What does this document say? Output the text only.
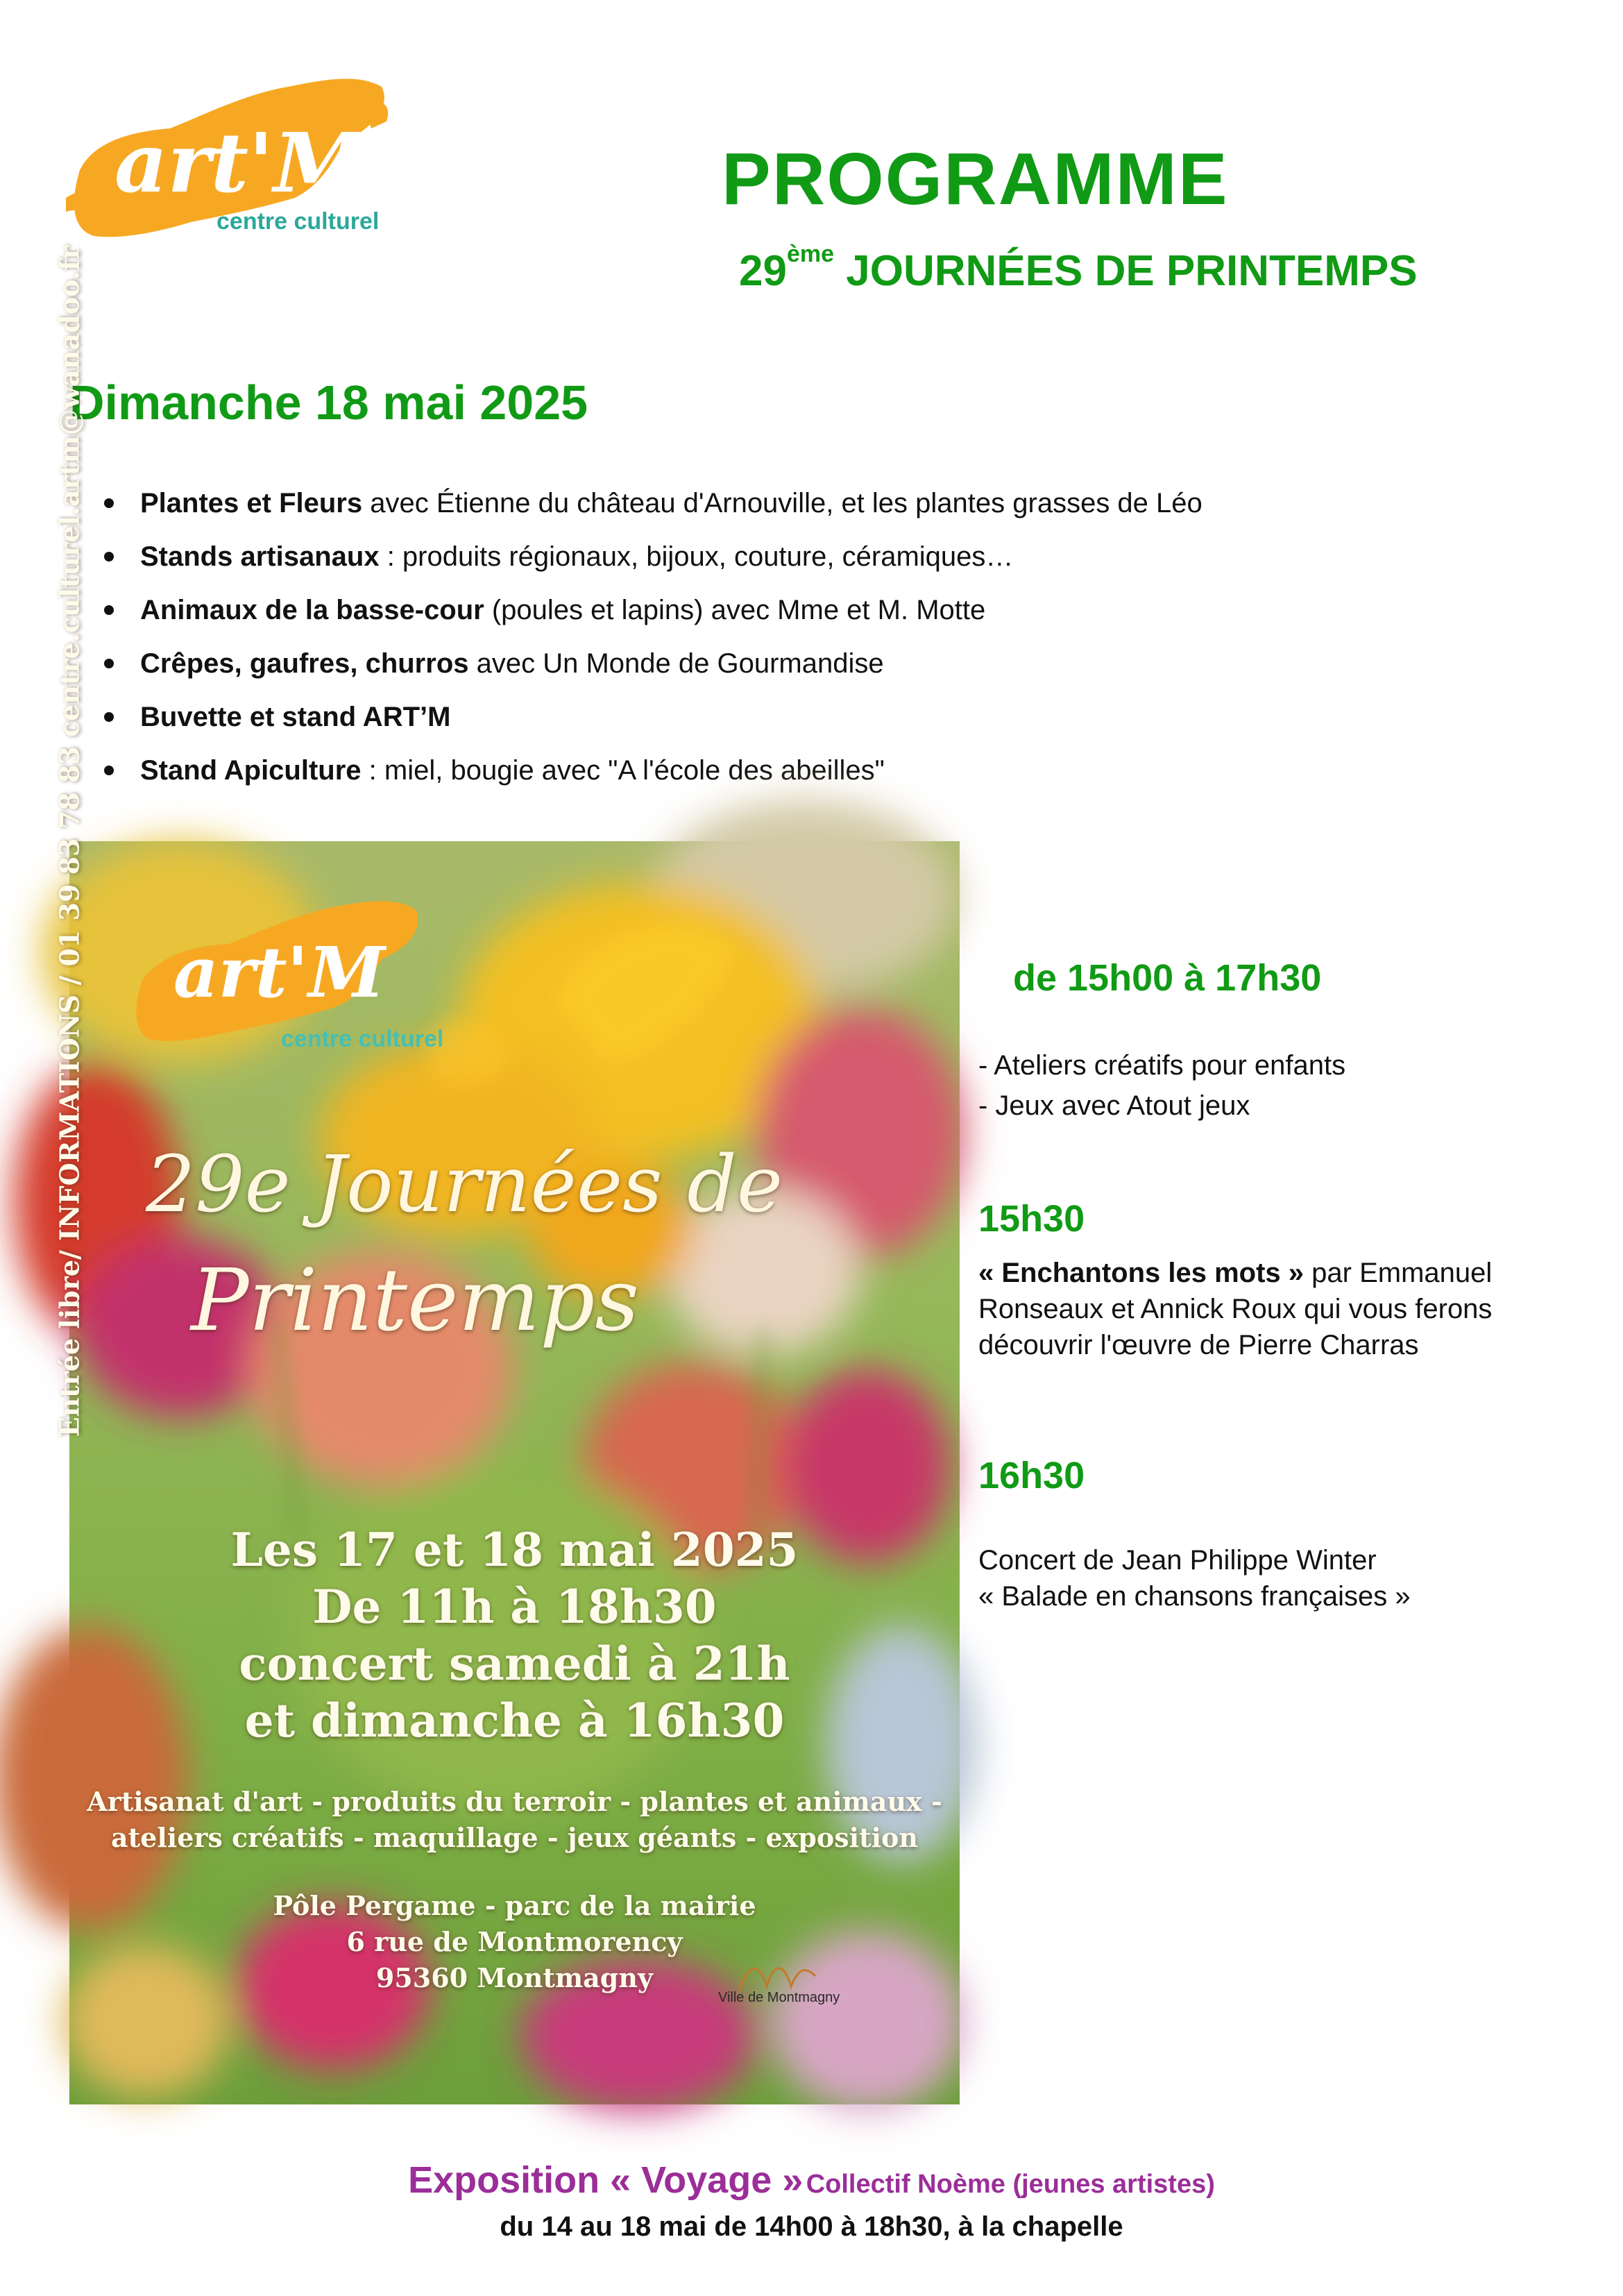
art'M
centre culturel
PROGRAMME
29ème JOURNÉES DE PRINTEMPS
Dimanche 18 mai 2025
Plantes et Fleurs avec Étienne du château d'Arnouville, et les plantes grasses de Léo
Stands artisanaux : produits régionaux, bijoux, couture, céramiques…
Animaux de la basse-cour (poules et lapins) avec Mme et M. Motte
Crêpes, gaufres, churros avec Un Monde de Gourmandise
Buvette et stand ART’M
Stand Apiculture : miel, bougie avec "A l'école des abeilles"
art'M
centre culturel
29e Journées de
Printemps
Les 17 et 18 mai 2025
De 11h à 18h30
concert samedi à 21h
et dimanche à 16h30
Artisanat d'art - produits du terroir - plantes et animaux -
ateliers créatifs - maquillage - jeux géants - exposition
Pôle Pergame - parc de la mairie
6 rue de Montmorency
95360 Montmagny
Entrée libre/ INFORMATIONS / 01 39 83 78 83 centre.culturel.artm@wanadoo.fr
Ville de Montmagny
de 15h00 à 17h30
- Ateliers créatifs pour enfants
- Jeux avec Atout jeux
15h30
« Enchantons les mots » par Emmanuel Ronseaux et Annick Roux qui vous ferons découvrir l'œuvre de Pierre Charras
16h30
Concert de Jean Philippe Winter
« Balade en chansons françaises »
Exposition « Voyage » Collectif Noème (jeunes artistes)
du 14 au 18 mai de 14h00 à 18h30, à la chapelle
